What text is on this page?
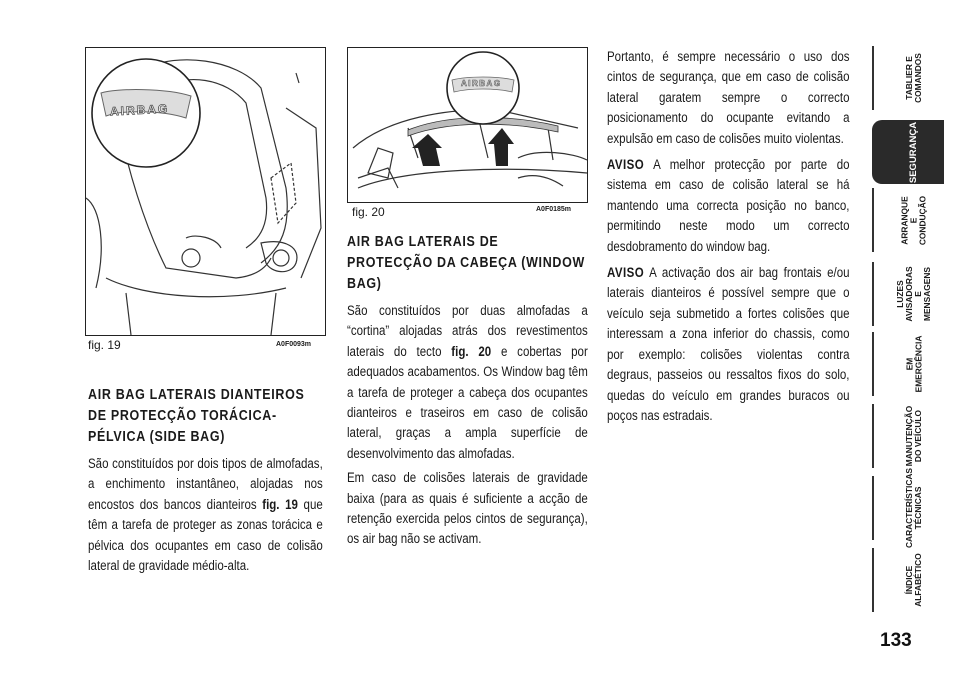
AIRBAG
fig. 19	A0F0093m
AIRBAG
fig. 20	A0F0185m
AIR BAG LATERAIS DIANTEIROS DE PROTECÇÃO TORÁCICA-PÉLVICA (SIDE BAG)

São constituídos por dois tipos de almofadas, a enchimento instantâneo, alojadas nos encostos dos bancos dianteiros fig. 19 que têm a tarefa de proteger as zonas torácica e pélvica dos ocupantes em caso de colisão lateral de gravidade médio-alta.

AIR BAG LATERAIS DE PROTECÇÃO DA CABEÇA (WINDOW BAG)

São constituídos por duas almofadas a “cortina” alojadas atrás dos revestimentos laterais do tecto fig. 20 e cobertas por adequados acabamentos. Os Window bag têm a tarefa de proteger a cabeça dos ocupantes dianteiros e traseiros em caso de colisão lateral, graças a ampla superfície de desenvolvimento das almofadas.

Em caso de colisões laterais de gravidade baixa (para as quais é suficiente a acção de retenção exercida pelos cintos de segurança), os air bag não se activam.

Portanto, é sempre necessário o uso dos cintos de segurança, que em caso de colisão lateral garatem sempre o correcto posicionamento do ocupante evitando a expulsão em caso de colisões muito violentas.

AVISO A melhor protecção por parte do sistema em caso de colisão lateral se há mantendo uma correcta posição no banco, permitindo neste modo um correcto desdobramento do window bag.

AVISO A activação dos air bag frontais e/ou laterais dianteiros é possível sempre que o veículo seja submetido a fortes colisões que interessam a zona inferior do chassis, como por exemplo: colisões violentas contra degraus, passeios ou ressaltos fixos do solo, quedas do veículo em grandes buracos ou poços nas estradais.

TABLIER E
COMANDOS
SEGURANÇA
ARRANQUE
E CONDUÇÃO
LUZES
AVISADORAS
E MENSAGENS
EM EMERGÊNCIA
MANUTENÇÃO
DO VEÍCULO
CARACTERÍSTICAS
TÉCNICAS
ÍNDICE
ALFABÉTICO
133
